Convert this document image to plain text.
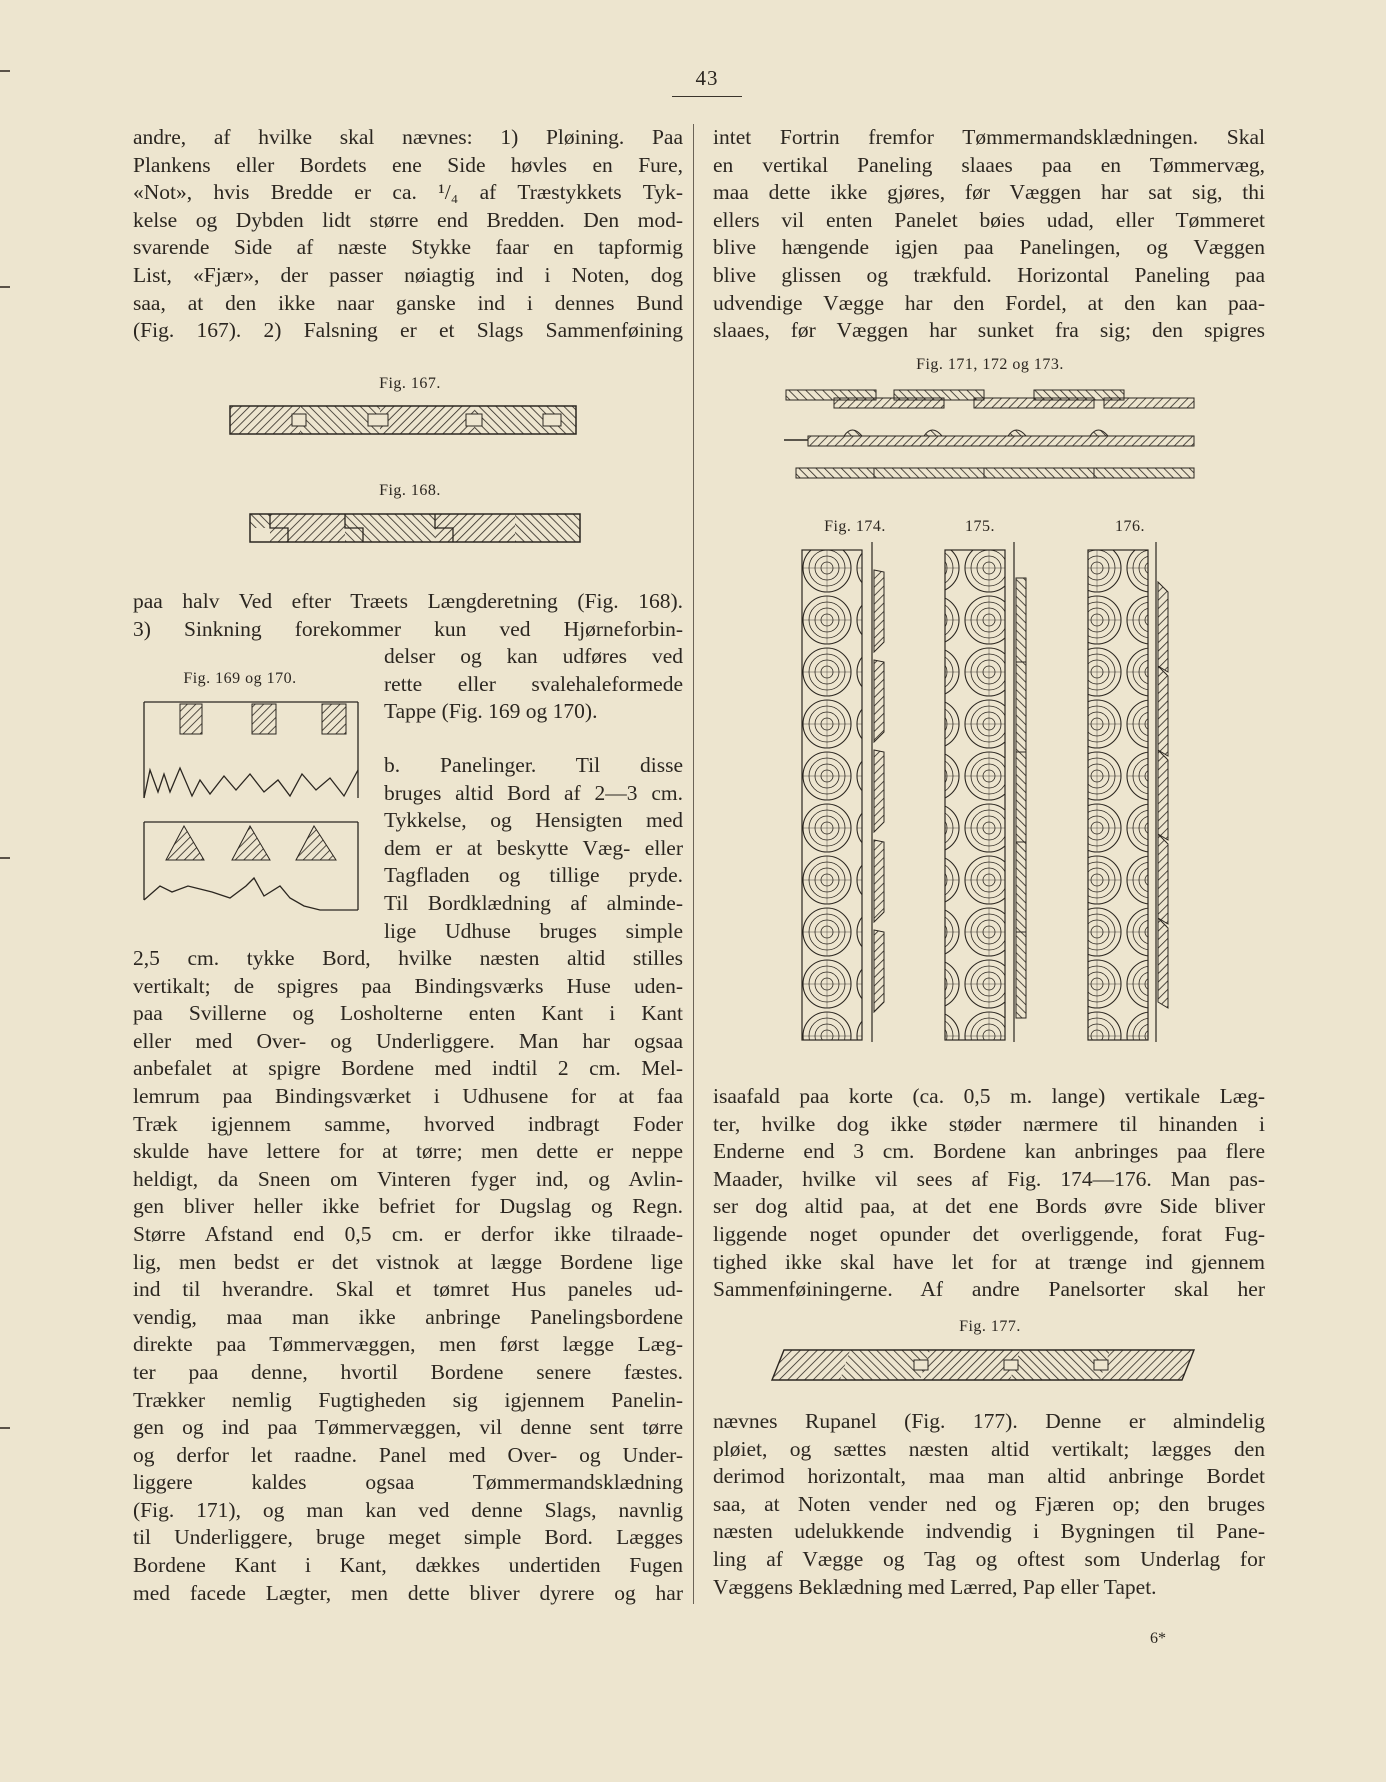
43
andre, af hvilke skal nævnes: 1) Pløining. Paa
Plankens eller Bordets ene Side høvles en Fure,
«Not», hvis Bredde er ca. ¹/₄ af Træstykkets Tyk-
kelse og Dybden lidt større end Bredden. Den mod-
svarende Side af næste Stykke faar en tapformig
List, «Fjær», der passer nøiagtig ind i Noten, dog
saa, at den ikke naar ganske ind i dennes Bund
(Fig. 167). 2) Falsning er et Slags Sammenføining
Fig. 167.
Fig. 168.
paa halv Ved efter Træets Længderetning (Fig. 168).
3) Sinkning forekommer kun ved Hjørneforbin-
Fig. 169 og 170.
delser og kan udføres ved
rette eller svalehaleformede
Tappe (Fig. 169 og 170).
b. Panelinger. Til disse
bruges altid Bord af 2—3 cm.
Tykkelse, og Hensigten med
dem er at beskytte Væg- eller
Tagfladen og tillige pryde.
Til Bordklædning af alminde-
lige Udhuse bruges simple
2,5 cm. tykke Bord, hvilke næsten altid stilles
vertikalt; de spigres paa Bindingsværks Huse uden-
paa Svillerne og Losholterne enten Kant i Kant
eller med Over- og Underliggere. Man har ogsaa
anbefalet at spigre Bordene med indtil 2 cm. Mel-
lemrum paa Bindingsværket i Udhusene for at faa
Træk igjennem samme, hvorved indbragt Foder
skulde have lettere for at tørre; men dette er neppe
heldigt, da Sneen om Vinteren fyger ind, og Avlin-
gen bliver heller ikke befriet for Dugslag og Regn.
Større Afstand end 0,5 cm. er derfor ikke tilraade-
lig, men bedst er det vistnok at lægge Bordene lige
ind til hverandre. Skal et tømret Hus paneles ud-
vendig, maa man ikke anbringe Panelingsbordene
direkte paa Tømmervæggen, men først lægge Læg-
ter paa denne, hvortil Bordene senere fæstes.
Trækker nemlig Fugtigheden sig igjennem Panelin-
gen og ind paa Tømmervæggen, vil denne sent tørre
og derfor let raadne. Panel med Over- og Under-
liggere kaldes ogsaa Tømmermandsklædning
(Fig. 171), og man kan ved denne Slags, navnlig
til Underliggere, bruge meget simple Bord. Lægges
Bordene Kant i Kant, dækkes undertiden Fugen
med facede Lægter, men dette bliver dyrere og har
intet Fortrin fremfor Tømmermandsklædningen. Skal
en vertikal Paneling slaaes paa en Tømmervæg,
maa dette ikke gjøres, før Væggen har sat sig, thi
ellers vil enten Panelet bøies udad, eller Tømmeret
blive hængende igjen paa Panelingen, og Væggen
blive glissen og trækfuld. Horizontal Paneling paa
udvendige Vægge har den Fordel, at den kan paa-
slaaes, før Væggen har sunket fra sig; den spigres
Fig. 171, 172 og 173.
Fig. 174.	175.	176.
isaafald paa korte (ca. 0,5 m. lange) vertikale Læg-
ter, hvilke dog ikke støder nærmere til hinanden i
Enderne end 3 cm. Bordene kan anbringes paa flere
Maader, hvilke vil sees af Fig. 174—176. Man pas-
ser dog altid paa, at det ene Bords øvre Side bliver
liggende noget opunder det overliggende, forat Fug-
tighed ikke skal have let for at trænge ind gjennem
Sammenføiningerne. Af andre Panelsorter skal her
Fig. 177.
nævnes Rupanel (Fig. 177). Denne er almindelig
pløiet, og sættes næsten altid vertikalt; lægges den
derimod horizontalt, maa man altid anbringe Bordet
saa, at Noten vender ned og Fjæren op; den bruges
næsten udelukkende indvendig i Bygningen til Pane-
ling af Vægge og Tag og oftest som Underlag for
Væggens Beklædning med Lærred, Pap eller Tapet.
6*
